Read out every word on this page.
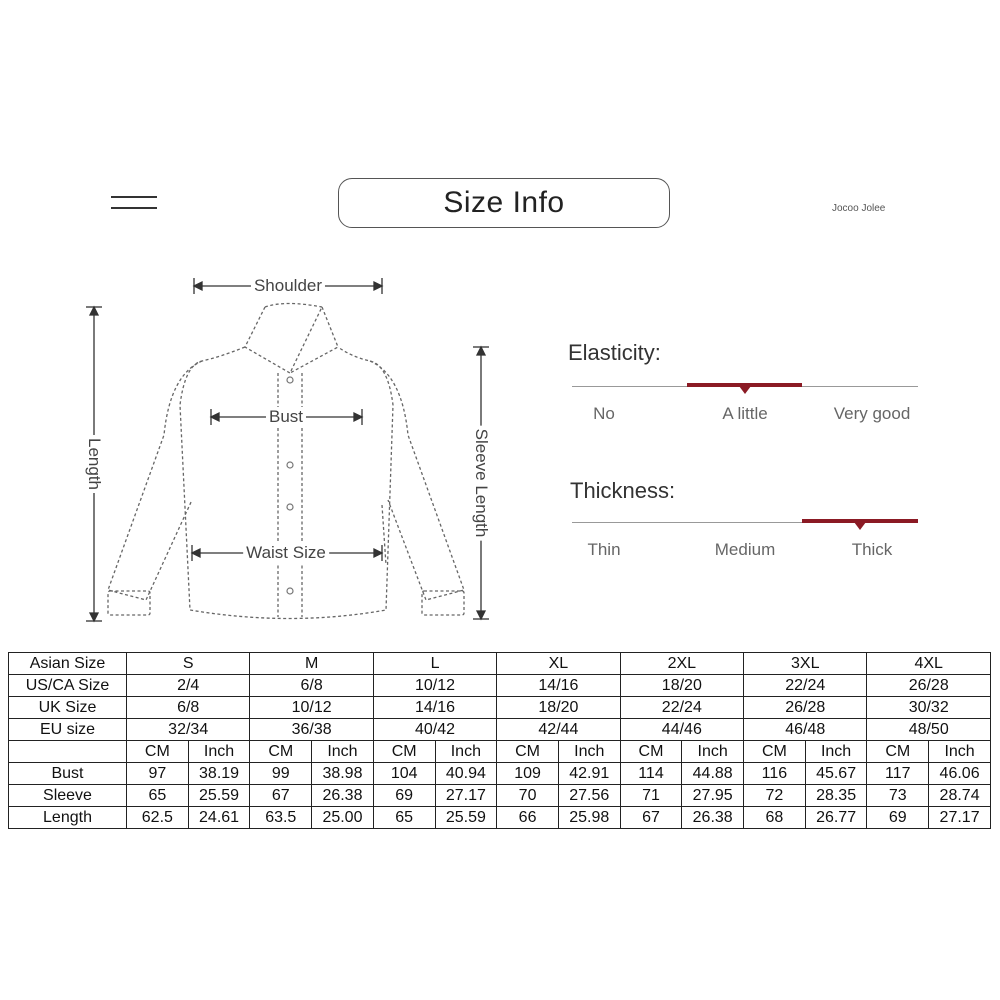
Size Info	Jocoo Jolee
Shoulder
Bust
Waist Size
Length	Sleeve Length
Elasticity:
No	A little	Very good
Thickness:
Thin	Medium	Thick
Asian Size	S		M		L		XL		2XL		3XL		4XL	
US/CA Size	2/4		6/8		10/12		14/16		18/20		22/24		26/28	
UK Size	6/8		10/12		14/16		18/20		22/24		26/28		30/32	
EU size	32/34		36/38		40/42		42/44		44/46		46/48		48/50	
	CM	Inch	CM	Inch	CM	Inch	CM	Inch	CM	Inch	CM	Inch	CM	Inch
Bust	97	38.19	99	38.98	104	40.94	109	42.91	114	44.88	116	45.67	117	46.06
Sleeve	65	25.59	67	26.38	69	27.17	70	27.56	71	27.95	72	28.35	73	28.74
Length	62.5	24.61	63.5	25.00	65	25.59	66	25.98	67	26.38	68	26.77	69	27.17
